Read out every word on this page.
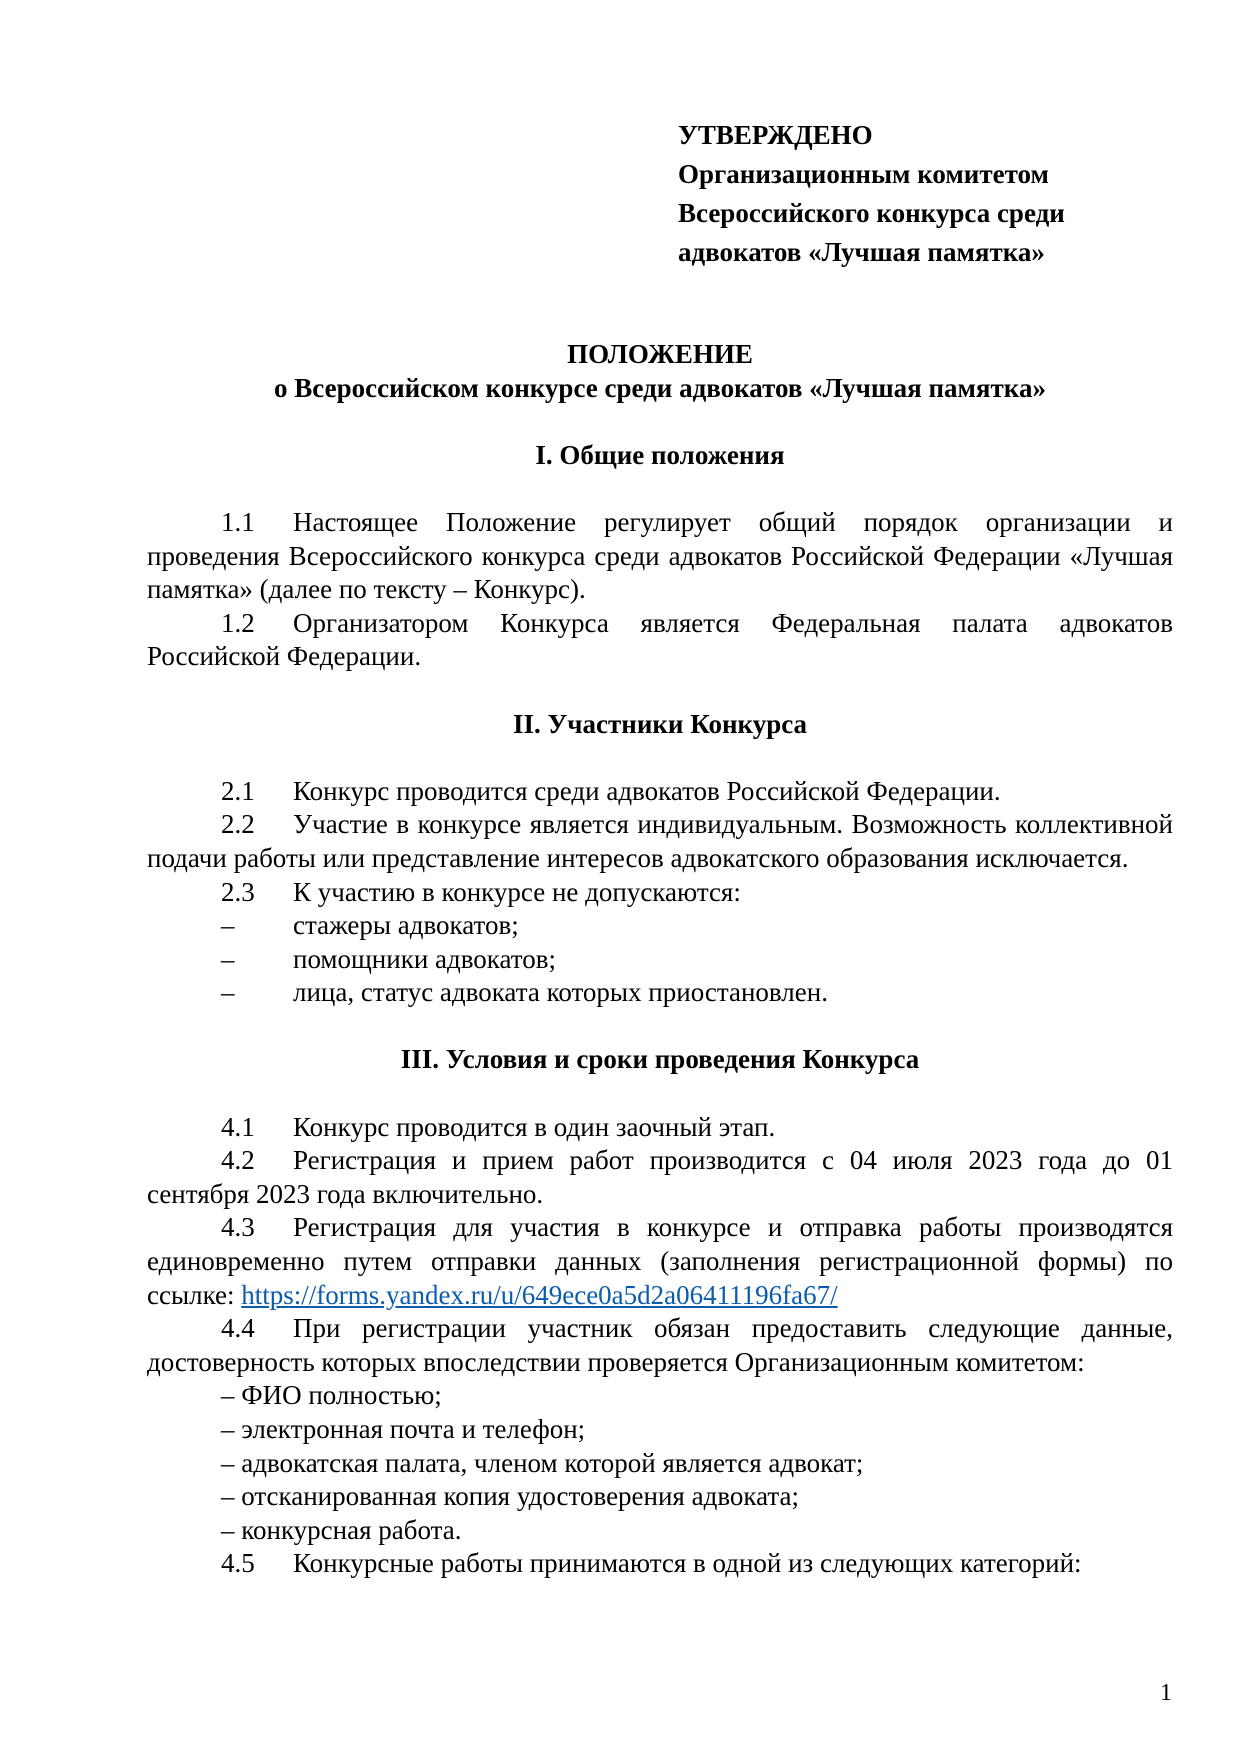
УТВЕРЖДЕНО
Организационным комитетом
Всероссийского конкурса среди
адвокатов «Лучшая памятка»
ПОЛОЖЕНИЕ
о Всероссийском конкурсе среди адвокатов «Лучшая памятка»
I. Общие положения
1.1 Настоящее Положение регулирует общий порядок организации и проведения Всероссийского конкурса среди адвокатов Российской Федерации «Лучшая памятка» (далее по тексту – Конкурс).
1.2 Организатором Конкурса является Федеральная палата адвокатов Российской Федерации.
II. Участники Конкурса
2.1 Конкурс проводится среди адвокатов Российской Федерации.
2.2 Участие в конкурсе является индивидуальным. Возможность коллективной подачи работы или представление интересов адвокатского образования исключается.
2.3 К участию в конкурсе не допускаются:
– стажеры адвокатов;
– помощники адвокатов;
– лица, статус адвоката которых приостановлен.
III. Условия и сроки проведения Конкурса
4.1 Конкурс проводится в один заочный этап.
4.2 Регистрация и прием работ производится с 04 июля 2023 года до 01 сентября 2023 года включительно.
4.3 Регистрация для участия в конкурсе и отправка работы производятся единовременно путем отправки данных (заполнения регистрационной формы) по ссылке: https://forms.yandex.ru/u/649ece0a5d2a06411196fa67/
4.4 При регистрации участник обязан предоставить следующие данные, достоверность которых впоследствии проверяется Организационным комитетом:
– ФИО полностью;
– электронная почта и телефон;
– адвокатская палата, членом которой является адвокат;
– отсканированная копия удостоверения адвоката;
– конкурсная работа.
4.5 Конкурсные работы принимаются в одной из следующих категорий:
1
